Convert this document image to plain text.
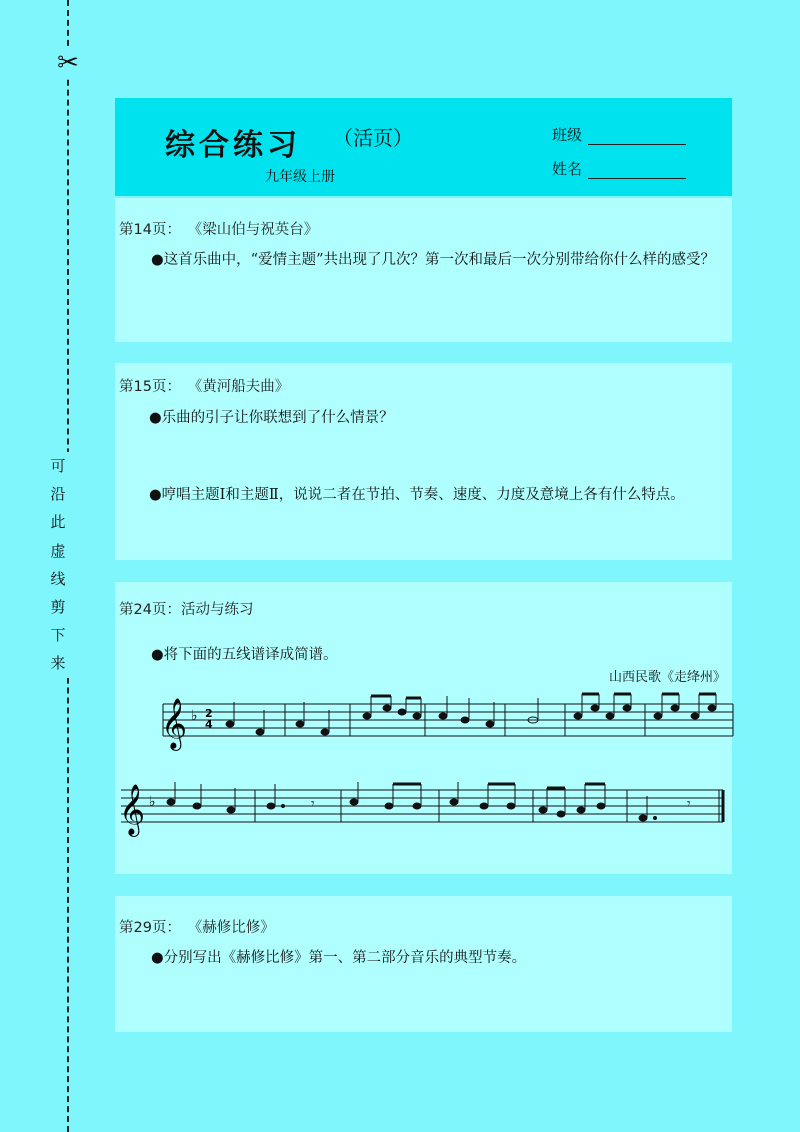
✂
可
沿
此
虚
线
剪
下
来
综合练习 （活页）
九年级上册
班级
姓名
第14页： 《梁山伯与祝英台》
●这首乐曲中，“爱情主题”共出现了几次？第一次和最后一次分别带给你什么样的感受？
第15页： 《黄河船夫曲》
●乐曲的引子让你联想到了什么情景？
●哼唱主题Ⅰ和主题Ⅱ，说说二者在节拍、节奏、速度、力度及意境上各有什么特点。
第24页：活动与练习
●将下面的五线谱译成简谱。
山西民歌《走绛州》
𝄞 ♭ 2
4
𝄞 ♭	𝄾	𝄾
第29页： 《赫修比修》
●分别写出《赫修比修》第一、第二部分音乐的典型节奏。
